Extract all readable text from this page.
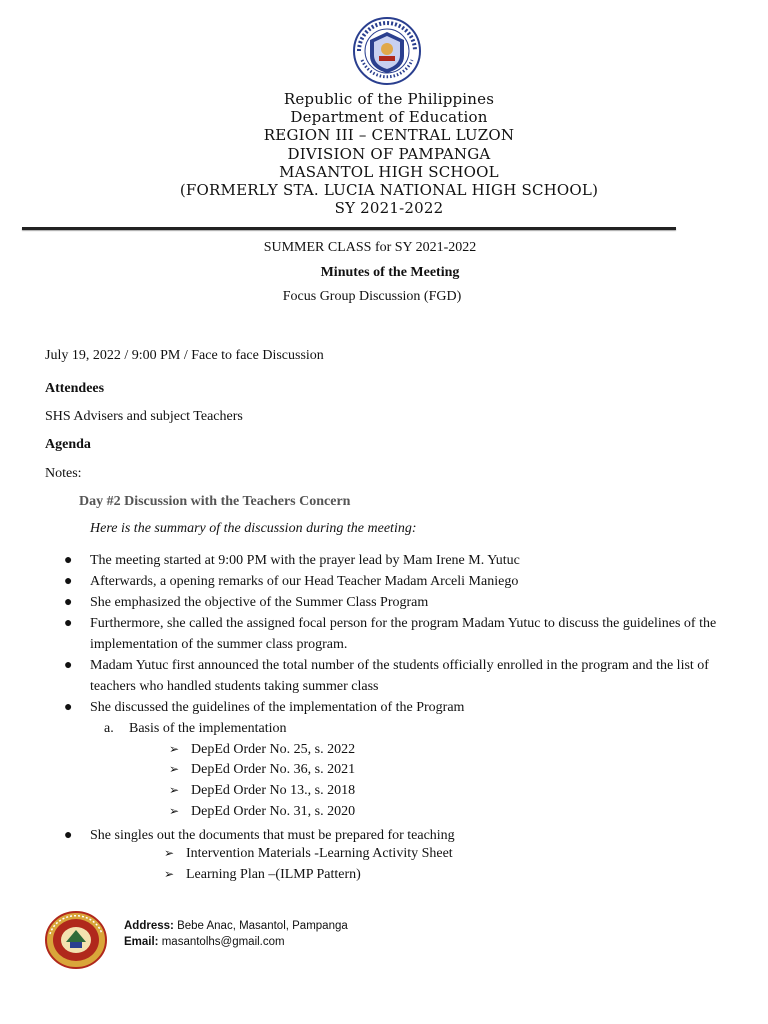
Republic of the Philippines
Department of Education
REGION III – CENTRAL LUZON
DIVISION OF PAMPANGA
MASANTOL HIGH SCHOOL
(FORMERLY STA. LUCIA NATIONAL HIGH SCHOOL)
SY 2021-2022
SUMMER CLASS for SY 2021-2022
Minutes of the Meeting
Focus Group Discussion (FGD)
July 19, 2022 / 9:00 PM / Face to face Discussion
Attendees
SHS Advisers and subject Teachers
Agenda
Notes:
Day #2 Discussion with the Teachers Concern
Here is the summary of the discussion during the meeting:
● The meeting started at 9:00 PM with the prayer lead by Mam Irene M. Yutuc
● Afterwards, a opening remarks of our Head Teacher Madam Arceli Maniego
● She emphasized the objective of the Summer Class Program
● Furthermore, she called the assigned focal person for the program Madam Yutuc to discuss the guidelines of the implementation of the summer class program.
● Madam Yutuc first announced the total number of the students officially enrolled in the program and the list of teachers who handled students taking summer class
● She discussed the guidelines of the implementation of the Program
a. Basis of the implementation
➢ DepEd Order No. 25, s. 2022
➢ DepEd Order No. 36, s. 2021
➢ DepEd Order No 13., s. 2018
➢ DepEd Order No. 31, s. 2020
● She singles out the documents that must be prepared for teaching
➢ Intervention Materials -Learning Activity Sheet
➢ Learning Plan –(ILMP Pattern)
Address: Bebe Anac, Masantol, Pampanga
Email: masantolhs@gmail.com
